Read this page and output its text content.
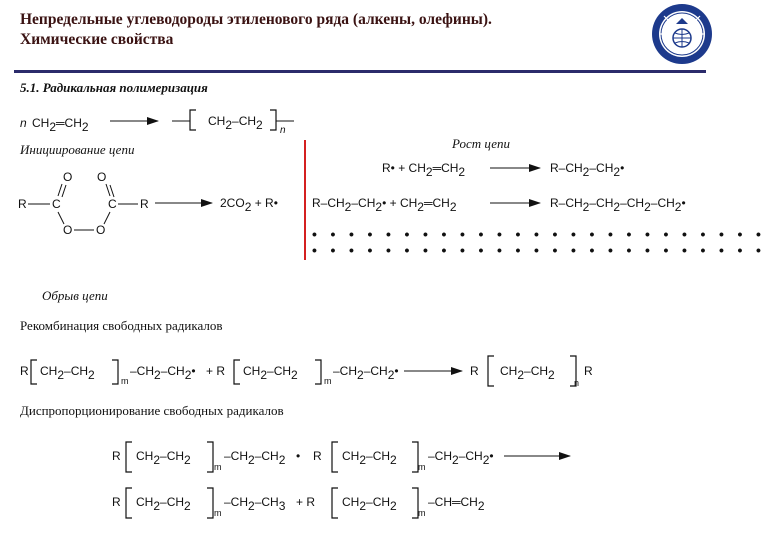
Непредельные углеводороды этиленового ряда (алкены, олефины).
Химические свойства
5.1. Радикальная полимеризация
Инициирование цепи	Рост цепи
Обрыв цепи
Рекомбинация свободных радикалов
Диспропорционирование свободных радикалов
•••••••••••••••••••••••••
•••••••••••••••••••••••••
n CH2═CH2	CH2–CH2 n
R C
O
O O
C
O
R	2CO2 + R•
R• + CH2═CH2	R–CH2–CH2•
R–CH2–CH2• + CH2═CH2	R–CH2–CH2–CH2–CH2•
R CH2–CH2	m
–CH2–CH2• + R CH2–CH2	m
–CH2–CH2•	R CH2–CH2
n
R
R CH2–CH2	m
–CH2–CH2 • R CH2–CH2 m
–CH2–CH2•
R CH2–CH2	m
–CH2–CH3 + R CH2–CH2 m
–CH═CH2
